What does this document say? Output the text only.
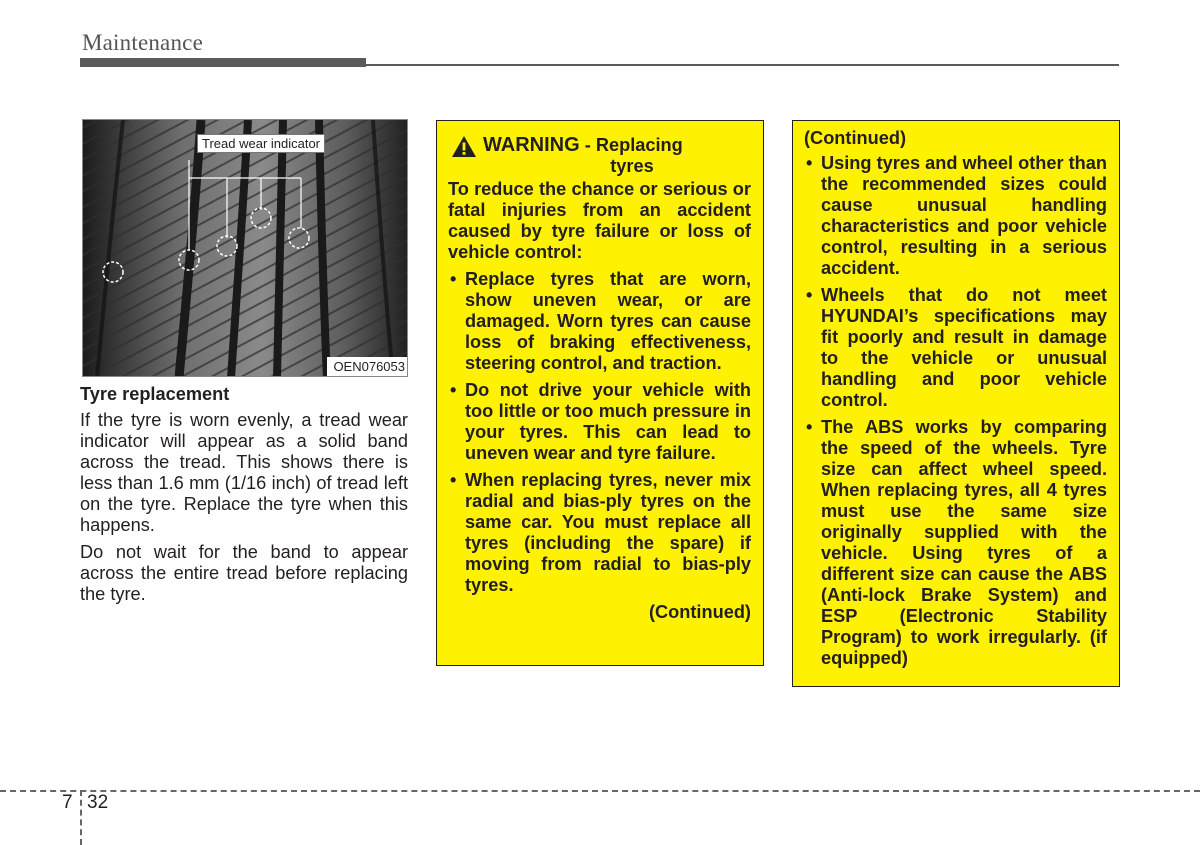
Maintenance
Tread wear indicator
OEN076053
Tyre replacement

If the tyre is worn evenly, a tread wear indicator will appear as a solid band across the tread. This shows there is less than 1.6 mm (1/16 inch) of tread left on the tyre. Replace the tyre when this happens.

Do not wait for the band to appear across the entire tread before replacing the tyre.

WARNING - Replacing
tyres
To reduce the chance or serious or fatal injuries from an accident caused by tyre failure or loss of vehicle control:
• Replace tyres that are worn, show uneven wear, or are damaged. Worn tyres can cause loss of braking effectiveness, steering control, and traction.
• Do not drive your vehicle with too little or too much pressure in your tyres. This can lead to uneven wear and tyre failure.
• When replacing tyres, never mix radial and bias-ply tyres on the same car. You must replace all tyres (including the spare) if moving from radial to bias-ply tyres.
(Continued)
(Continued)
• Using tyres and wheel other than the recommended sizes could cause unusual handling characteristics and poor vehicle control, resulting in a serious accident.
• Wheels that do not meet HYUNDAI’s specifications may fit poorly and result in damage to the vehicle or unusual handling and poor vehicle control.
• The ABS works by comparing the speed of the wheels. Tyre size can affect wheel speed. When replacing tyres, all 4 tyres must use the same size originally supplied with the vehicle. Using tyres of a different size can cause the ABS (Anti-lock Brake System) and ESP (Electronic Stability Program) to work irregularly. (if equipped)
7 32
